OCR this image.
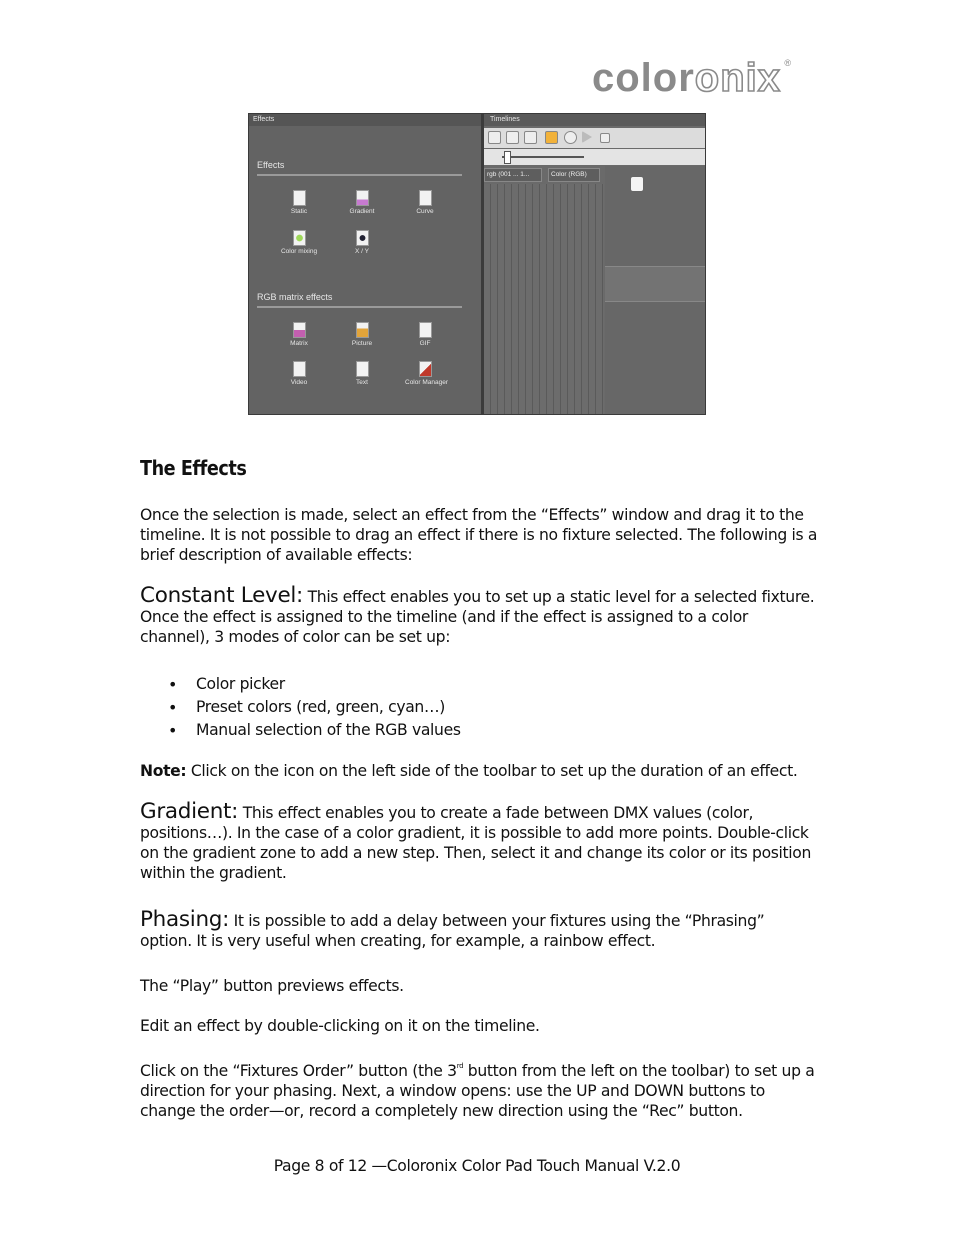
coloronix ®
Effects
Effects
Static	Gradient	Curve
Color mixing	X / Y
RGB matrix effects
Matrix	Picture	GIF
Video	Text	Color Manager
Timelines
rgb (001 ... 1...	Color (RGB)
The Effects
Once the selection is made, select an effect from the “Effects” window and drag it to the timeline. It is not possible to drag an effect if there is no fixture selected. The following is a brief description of available effects:
Constant Level: This effect enables you to set up a static level for a selected fixture. Once the effect is assigned to the timeline (and if the effect is assigned to a color channel), 3 modes of color can be set up:
• Color picker
• Preset colors (red, green, cyan…)
• Manual selection of the RGB values
Note: Click on the icon on the left side of the toolbar to set up the duration of an effect.
Gradient: This effect enables you to create a fade between DMX values (color, positions…). In the case of a color gradient, it is possible to add more points. Double-click on the gradient zone to add a new step. Then, select it and change its color or its position within the gradient.
Phasing: It is possible to add a delay between your fixtures using the “Phrasing” option. It is very useful when creating, for example, a rainbow effect.
The “Play” button previews effects.
Edit an effect by double-clicking on it on the timeline.
Click on the “Fixtures Order” button (the 3rd button from the left on the toolbar) to set up a direction for your phasing. Next, a window opens: use the UP and DOWN buttons to change the order—or, record a completely new direction using the “Rec” button.
Page 8 of 12 —Coloronix Color Pad Touch Manual V.2.0
